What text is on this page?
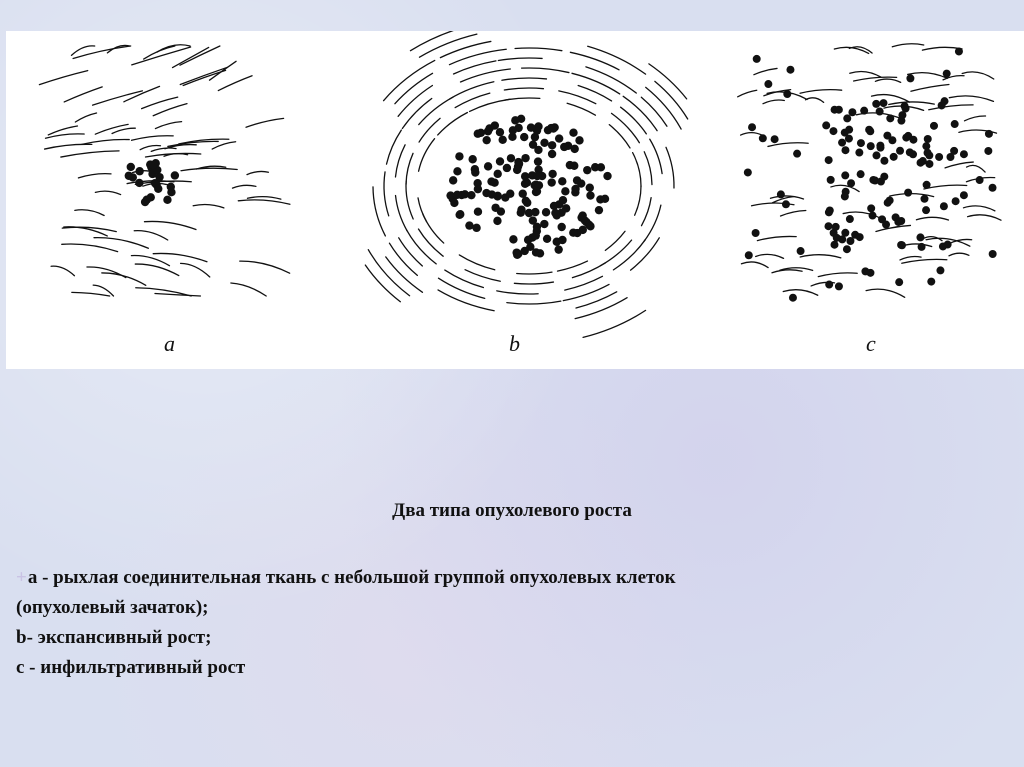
a	b	c
Два типа опухолевого роста
+a - рыхлая соединительная ткань с небольшой группой опухолевых клеток
(опухолевый зачаток);
b- экспансивный рост;
c - инфильтративный рост
